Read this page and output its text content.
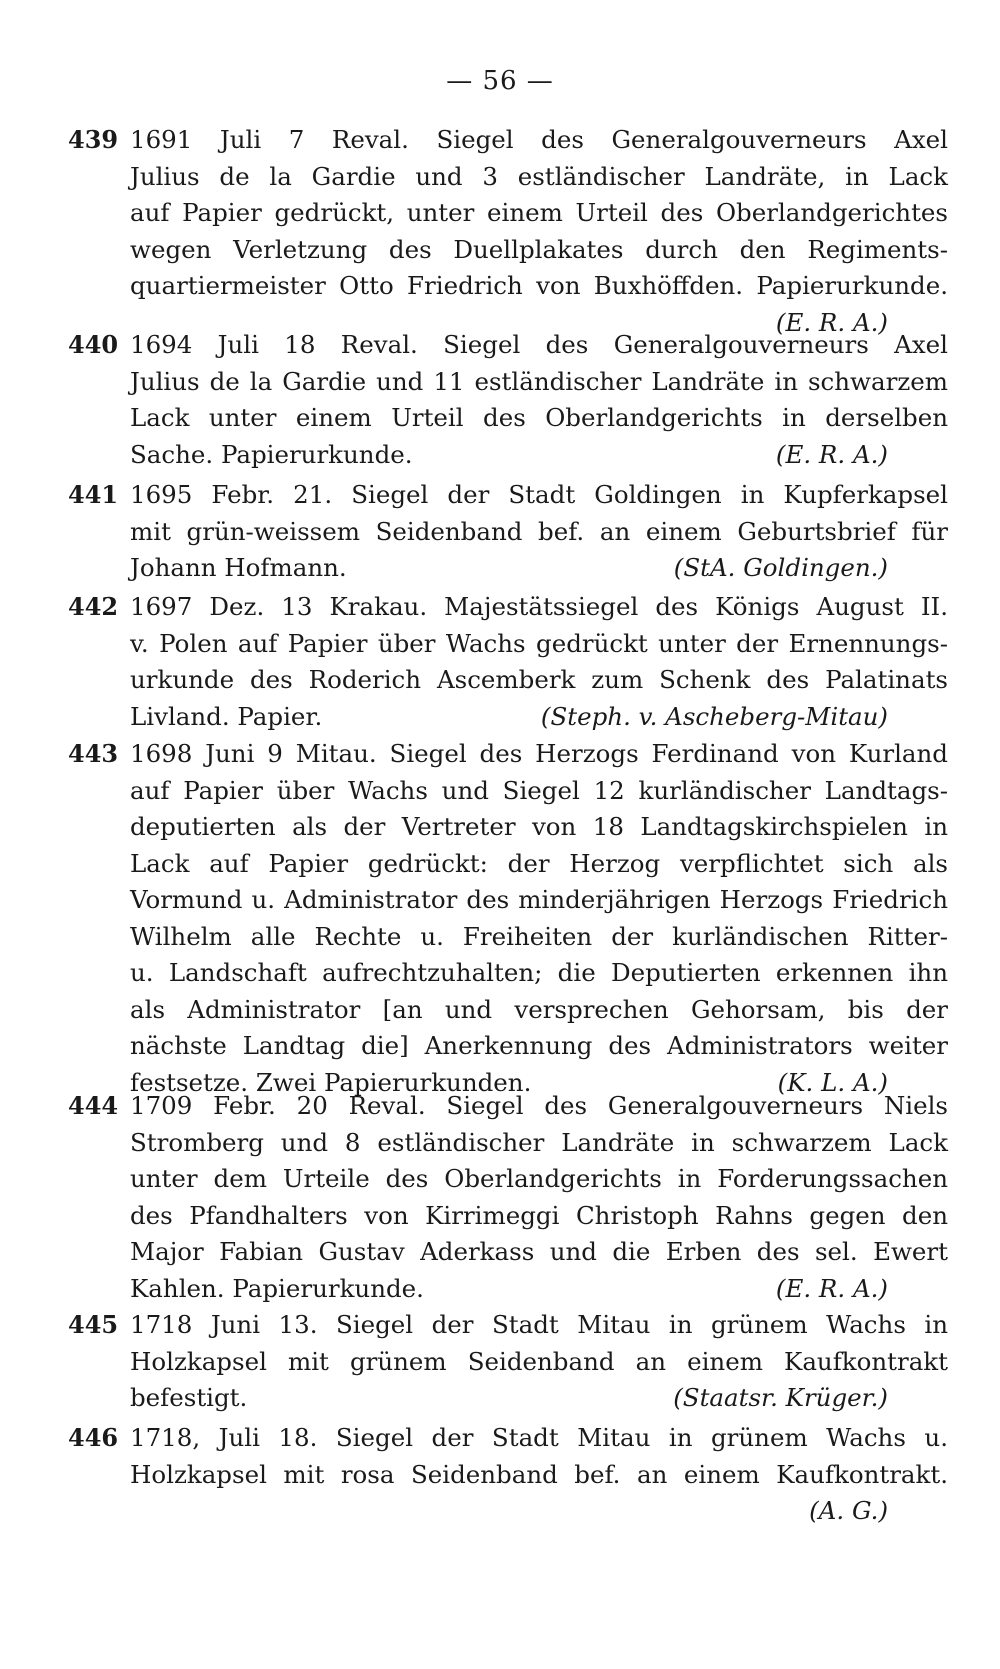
— 56 —
439 1691 Juli 7 Reval. Siegel des Generalgouverneurs Axel
Julius de la Gardie und 3 estländischer Landräte, in Lack
auf Papier gedrückt, unter einem Urteil des Oberlandgerichtes
wegen Verletzung des Duellplakates durch den Regiments-
quartiermeister Otto Friedrich von Buxhöffden. Papierurkunde.
(E. R. A.)
440 1694 Juli 18 Reval. Siegel des Generalgouverneurs Axel
Julius de la Gardie und 11 estländischer Landräte in schwarzem
Lack unter einem Urteil des Oberlandgerichts in derselben
Sache. Papierurkunde.	(E. R. A.)
441 1695 Febr. 21. Siegel der Stadt Goldingen in Kupferkapsel
mit grün-weissem Seidenband bef. an einem Geburtsbrief für
Johann Hofmann.	(StA. Goldingen.)
442 1697 Dez. 13 Krakau. Majestätssiegel des Königs August II.
v. Polen auf Papier über Wachs gedrückt unter der Ernennungs-
urkunde des Roderich Ascemberk zum Schenk des Palatinats
Livland. Papier.	(Steph. v. Ascheberg-Mitau)
443 1698 Juni 9 Mitau. Siegel des Herzogs Ferdinand von Kurland
auf Papier über Wachs und Siegel 12 kurländischer Landtags-
deputierten als der Vertreter von 18 Landtagskirchspielen in
Lack auf Papier gedrückt: der Herzog verpflichtet sich als
Vormund u. Administrator des minderjährigen Herzogs Friedrich
Wilhelm alle Rechte u. Freiheiten der kurländischen Ritter-
u. Landschaft aufrechtzuhalten; die Deputierten erkennen ihn
als Administrator [an und versprechen Gehorsam, bis der
nächste Landtag die] Anerkennung des Administrators weiter
festsetze. Zwei Papierurkunden.	(K. L. A.)
444 1709 Febr. 20 Reval. Siegel des Generalgouverneurs Niels
Stromberg und 8 estländischer Landräte in schwarzem Lack
unter dem Urteile des Oberlandgerichts in Forderungssachen
des Pfandhalters von Kirrimeggi Christoph Rahns gegen den
Major Fabian Gustav Aderkass und die Erben des sel. Ewert
Kahlen. Papierurkunde.	(E. R. A.)
445 1718 Juni 13. Siegel der Stadt Mitau in grünem Wachs in
Holzkapsel mit grünem Seidenband an einem Kaufkontrakt
befestigt.	(Staatsr. Krüger.)
446 1718, Juli 18. Siegel der Stadt Mitau in grünem Wachs u.
Holzkapsel mit rosa Seidenband bef. an einem Kaufkontrakt.
(A. G.)
